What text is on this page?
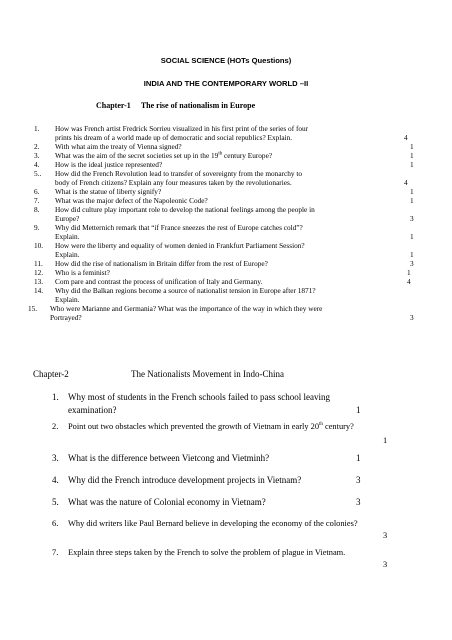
SOCIAL SCIENCE (HOTs Questions)
INDIA AND THE CONTEMPORARY WORLD –II
Chapter-1 The rise of nationalism in Europe
1. How was French artist Fredrick Sorrieu visualized in his first print of the series of four
prints his dream of a world made up of democratic and social republics? Explain.	4
2. With what aim the treaty of Vienna signed?	1
3. What was the aim of the secret societies set up in the 19th century Europe?	1
4. How is the ideal justice represented?	1
5.. How did the French Revolution lead to transfer of sovereignty from the monarchy to
body of French citizens? Explain any four measures taken by the revolutionaries.	4
6. What is the statue of liberty signify?	1
7. What was the major defect of the Napoleonic Code?	1
8. How did culture play important role to develop the national feelings among the people in
Europe?	3
9. Why did Metternich remark that “if France sneezes the rest of Europe catches cold”?
Explain.	1
10. How were the liberty and equality of women denied in Frankfurt Parliament Session?
Explain.	1
11. How did the rise of nationalism in Britain differ from the rest of Europe?	3
12. Who is a feminist?	1
13. Com pare and contrast the process of unification of Italy and Germany.	4
14. Why did the Balkan regions become a source of nationalist tension in Europe after 1871?
Explain.
15. Who were Marianne and Germania? What was the importance of the way in which they were
Portrayed?	3
Chapter-2	The Nationalists Movement in Indo-China
1. Why most of students in the French schools failed to pass school leaving
examination?	1
2. Point out two obstacles which prevented the growth of Vietnam in early 20th century?
1
3. What is the difference between Vietcong and Vietminh?	1
4. Why did the French introduce development projects in Vietnam?	3
5. What was the nature of Colonial economy in Vietnam?	3
6. Why did writers like Paul Bernard believe in developing the economy of the colonies?
3
7. Explain three steps taken by the French to solve the problem of plague in Vietnam.
3
